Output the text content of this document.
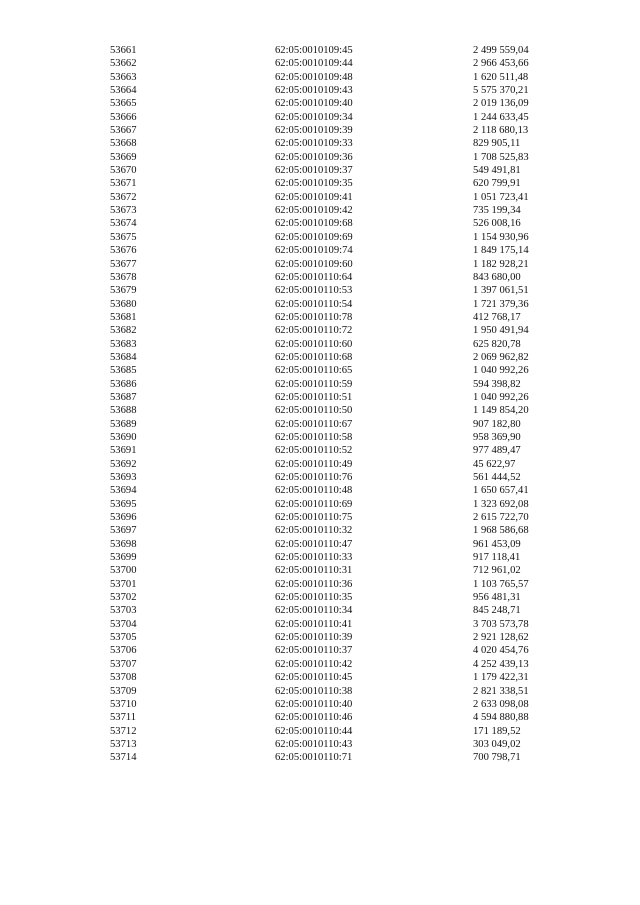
53661	62:05:0010109:45	2 499 559,04
53662	62:05:0010109:44	2 966 453,66
53663	62:05:0010109:48	1 620 511,48
53664	62:05:0010109:43	5 575 370,21
53665	62:05:0010109:40	2 019 136,09
53666	62:05:0010109:34	1 244 633,45
53667	62:05:0010109:39	2 118 680,13
53668	62:05:0010109:33	829 905,11
53669	62:05:0010109:36	1 708 525,83
53670	62:05:0010109:37	549 491,81
53671	62:05:0010109:35	620 799,91
53672	62:05:0010109:41	1 051 723,41
53673	62:05:0010109:42	735 199,34
53674	62:05:0010109:68	526 008,16
53675	62:05:0010109:69	1 154 930,96
53676	62:05:0010109:74	1 849 175,14
53677	62:05:0010109:60	1 182 928,21
53678	62:05:0010110:64	843 680,00
53679	62:05:0010110:53	1 397 061,51
53680	62:05:0010110:54	1 721 379,36
53681	62:05:0010110:78	412 768,17
53682	62:05:0010110:72	1 950 491,94
53683	62:05:0010110:60	625 820,78
53684	62:05:0010110:68	2 069 962,82
53685	62:05:0010110:65	1 040 992,26
53686	62:05:0010110:59	594 398,82
53687	62:05:0010110:51	1 040 992,26
53688	62:05:0010110:50	1 149 854,20
53689	62:05:0010110:67	907 182,80
53690	62:05:0010110:58	958 369,90
53691	62:05:0010110:52	977 489,47
53692	62:05:0010110:49	45 622,97
53693	62:05:0010110:76	561 444,52
53694	62:05:0010110:48	1 650 657,41
53695	62:05:0010110:69	1 323 692,08
53696	62:05:0010110:75	2 615 722,70
53697	62:05:0010110:32	1 968 586,68
53698	62:05:0010110:47	961 453,09
53699	62:05:0010110:33	917 118,41
53700	62:05:0010110:31	712 961,02
53701	62:05:0010110:36	1 103 765,57
53702	62:05:0010110:35	956 481,31
53703	62:05:0010110:34	845 248,71
53704	62:05:0010110:41	3 703 573,78
53705	62:05:0010110:39	2 921 128,62
53706	62:05:0010110:37	4 020 454,76
53707	62:05:0010110:42	4 252 439,13
53708	62:05:0010110:45	1 179 422,31
53709	62:05:0010110:38	2 821 338,51
53710	62:05:0010110:40	2 633 098,08
53711	62:05:0010110:46	4 594 880,88
53712	62:05:0010110:44	171 189,52
53713	62:05:0010110:43	303 049,02
53714	62:05:0010110:71	700 798,71
